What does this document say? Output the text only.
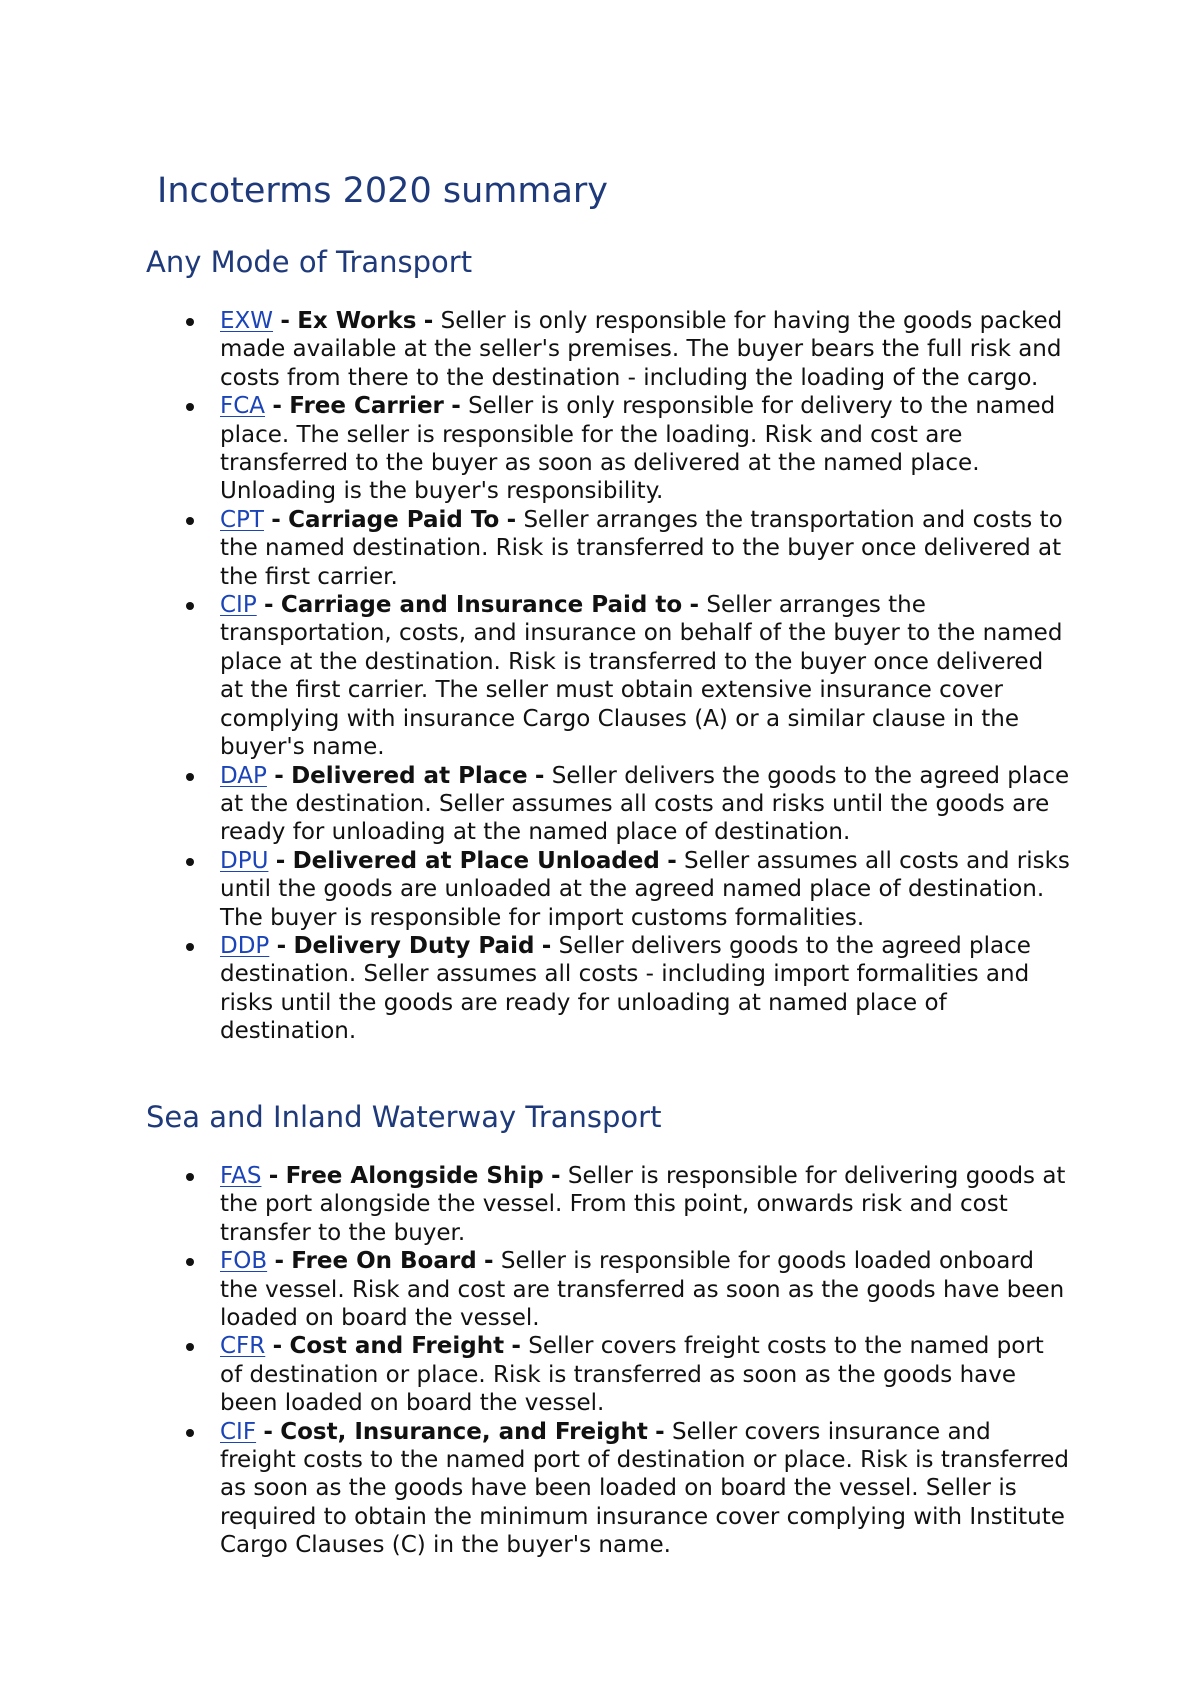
Incoterms 2020 summary
Any Mode of Transport
EXW - Ex Works - Seller is only responsible for having the goods packed made available at the seller's premises. The buyer bears the full risk and costs from there to the destination - including the loading of the cargo.
FCA - Free Carrier - Seller is only responsible for delivery to the named place. The seller is responsible for the loading. Risk and cost are transferred to the buyer as soon as delivered at the named place. Unloading is the buyer's responsibility.
CPT - Carriage Paid To - Seller arranges the transportation and costs to the named destination. Risk is transferred to the buyer once delivered at the first carrier.
CIP - Carriage and Insurance Paid to - Seller arranges the transportation, costs, and insurance on behalf of the buyer to the named place at the destination. Risk is transferred to the buyer once delivered at the first carrier. The seller must obtain extensive insurance cover complying with insurance Cargo Clauses (A) or a similar clause in the buyer's name.
DAP - Delivered at Place - Seller delivers the goods to the agreed place at the destination. Seller assumes all costs and risks until the goods are ready for unloading at the named place of destination.
DPU - Delivered at Place Unloaded - Seller assumes all costs and risks until the goods are unloaded at the agreed named place of destination. The buyer is responsible for import customs formalities.
DDP - Delivery Duty Paid - Seller delivers goods to the agreed place destination. Seller assumes all costs - including import formalities and risks until the goods are ready for unloading at named place of destination.
Sea and Inland Waterway Transport
FAS - Free Alongside Ship - Seller is responsible for delivering goods at the port alongside the vessel. From this point, onwards risk and cost transfer to the buyer.
FOB - Free On Board - Seller is responsible for goods loaded onboard the vessel. Risk and cost are transferred as soon as the goods have been loaded on board the vessel.
CFR - Cost and Freight - Seller covers freight costs to the named port of destination or place. Risk is transferred as soon as the goods have been loaded on board the vessel.
CIF - Cost, Insurance, and Freight - Seller covers insurance and freight costs to the named port of destination or place. Risk is transferred as soon as the goods have been loaded on board the vessel. Seller is required to obtain the minimum insurance cover complying with Institute Cargo Clauses (C) in the buyer's name.
